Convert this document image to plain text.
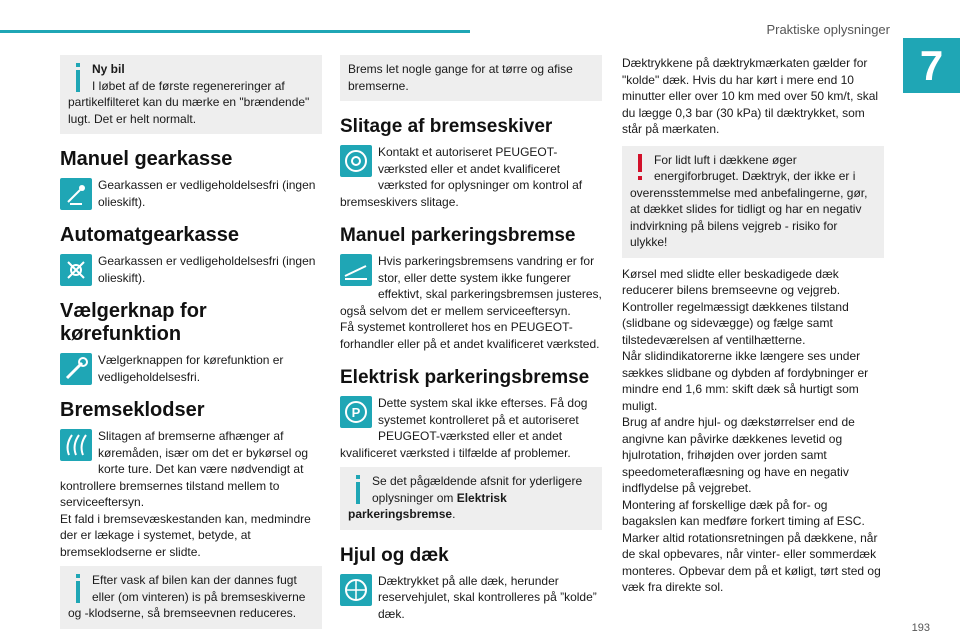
Praktiske oplysninger
7

Ny bil
I løbet af de første regenereringer af partikelfilteret kan du mærke en "brændende" lugt. Det er helt normalt.

Manuel gearkasse

Gearkassen er vedligeholdelsesfri (ingen olieskift).

Automatgearkasse

Gearkassen er vedligeholdelsesfri (ingen olieskift).

Vælgerknap for
kørefunktion

Vælgerknappen for kørefunktion er vedligeholdelsesfri.

Bremseklodser

Slitagen af bremserne afhænger af køremåden, især om det er bykørsel og korte ture. Det kan være nødvendigt at kontrollere bremsernes tilstand mellem to serviceeftersyn.

Et fald i bremsevæskestanden kan, medmindre der er lækage i systemet, betyde, at bremseklodserne er slidte.

Efter vask af bilen kan der dannes fugt eller (om vinteren) is på bremseskiverne og -klodserne, så bremseevnen reduceres.

Brems let nogle gange for at tørre og afise bremserne.

Slitage af bremseskiver

Kontakt et autoriseret PEUGEOT-værksted eller et andet kvalificeret værksted for oplysninger om kontrol af bremseskivers slitage.

Manuel parkeringsbremse

Hvis parkeringsbremsens vandring er for stor, eller dette system ikke fungerer effektivt, skal parkeringsbremsen justeres, også selvom det er mellem serviceeftersyn.

Få systemet kontrolleret hos en PEUGEOT-forhandler eller på et andet kvalificeret værksted.

Elektrisk parkeringsbremse
P

Dette system skal ikke efterses. Få dog systemet kontrolleret på et autoriseret PEUGEOT-værksted eller et andet kvalificeret værksted i tilfælde af problemer.

Se det pågældende afsnit for yderligere oplysninger om Elektrisk parkeringsbremse.

Hjul og dæk

Dæktrykket på alle dæk, herunder reservehjulet, skal kontrolleres på ”kolde” dæk.

Dæktrykkene på dæktrykmærkaten gælder for "kolde" dæk. Hvis du har kørt i mere end 10 minutter eller over 10 km med over 50 km/t, skal du lægge 0,3 bar (30 kPa) til dæktrykket, som står på mærkaten.

For lidt luft i dækkene øger energiforbruget. Dæktryk, der ikke er i overensstemmelse med anbefalingerne, gør, at dækket slides for tidligt og har en negativ indvirkning på bilens vejgreb - risiko for ulykke!

Kørsel med slidte eller beskadigede dæk reducerer bilens bremseevne og vejgreb. Kontroller regelmæssigt dækkenes tilstand (slidbane og sidevægge) og fælge samt tilstedeværelsen af ventilhætterne.

Når slidindikatorerne ikke længere ses under sækkes slidbane og dybden af fordybninger er mindre end 1,6 mm: skift dæk så hurtigt som muligt.

Brug af andre hjul- og dækstørrelser end de angivne kan påvirke dækkenes levetid og hjulrotation, frihøjden over jorden samt speedometeraflæsning og have en negativ indflydelse på vejgrebet.

Montering af forskellige dæk på for- og bagakslen kan medføre forkert timing af ESC.

Marker altid rotationsretningen på dækkene, når de skal opbevares, når vinter- eller sommerdæk monteres. Opbevar dem på et køligt, tørt sted og væk fra direkte sol.

193
